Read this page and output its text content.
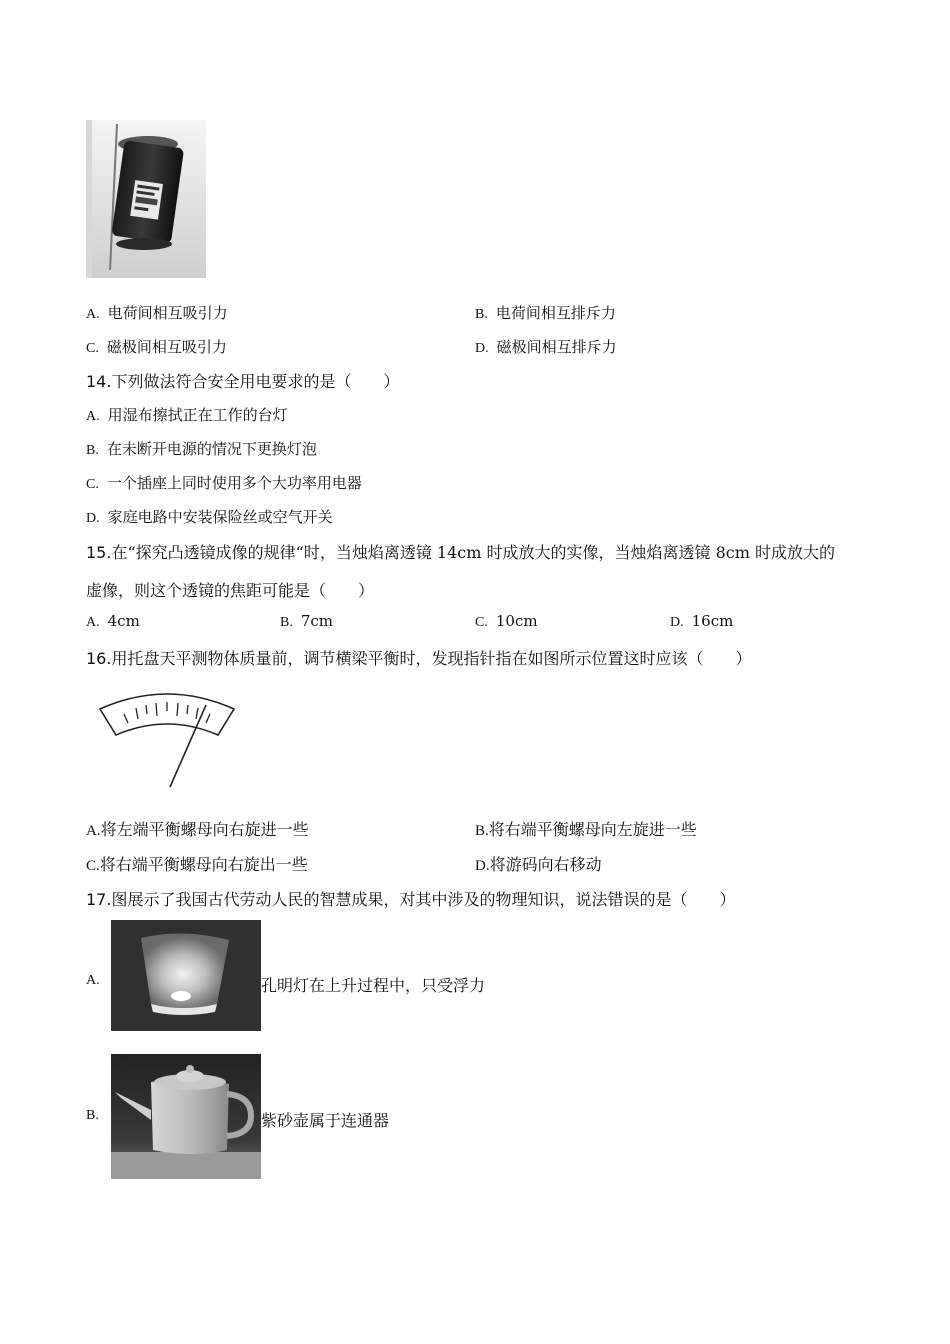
A. 电荷间相互吸引力	B. 电荷间相互排斥力
C. 磁极间相互吸引力	D. 磁极间相互排斥力
14.下列做法符合安全用电要求的是（　　）
A. 用湿布擦拭正在工作的台灯
B. 在未断开电源的情况下更换灯泡
C. 一个插座上同时使用多个大功率用电器
D. 家庭电路中安装保险丝或空气开关
15.在“探究凸透镜成像的规律“时，当烛焰离透镜 14cm 时成放大的实像，当烛焰离透镜 8cm 时成放大的
虚像，则这个透镜的焦距可能是（　　）
A. 4cm	B. 7cm	C. 10cm	D. 16cm
16.用托盘天平测物体质量前，调节横梁平衡时，发现指针指在如图所示位置这时应该（　　）
A.将左端平衡螺母向右旋进一些	B.将右端平衡螺母向左旋进一些
C.将右端平衡螺母向右旋出一些	D.将游码向右移动
17.图展示了我国古代劳动人民的智慧成果，对其中涉及的物理知识，说法错误的是（　　）
A.	孔明灯在上升过程中，只受浮力
B.	紫砂壶属于连通器
